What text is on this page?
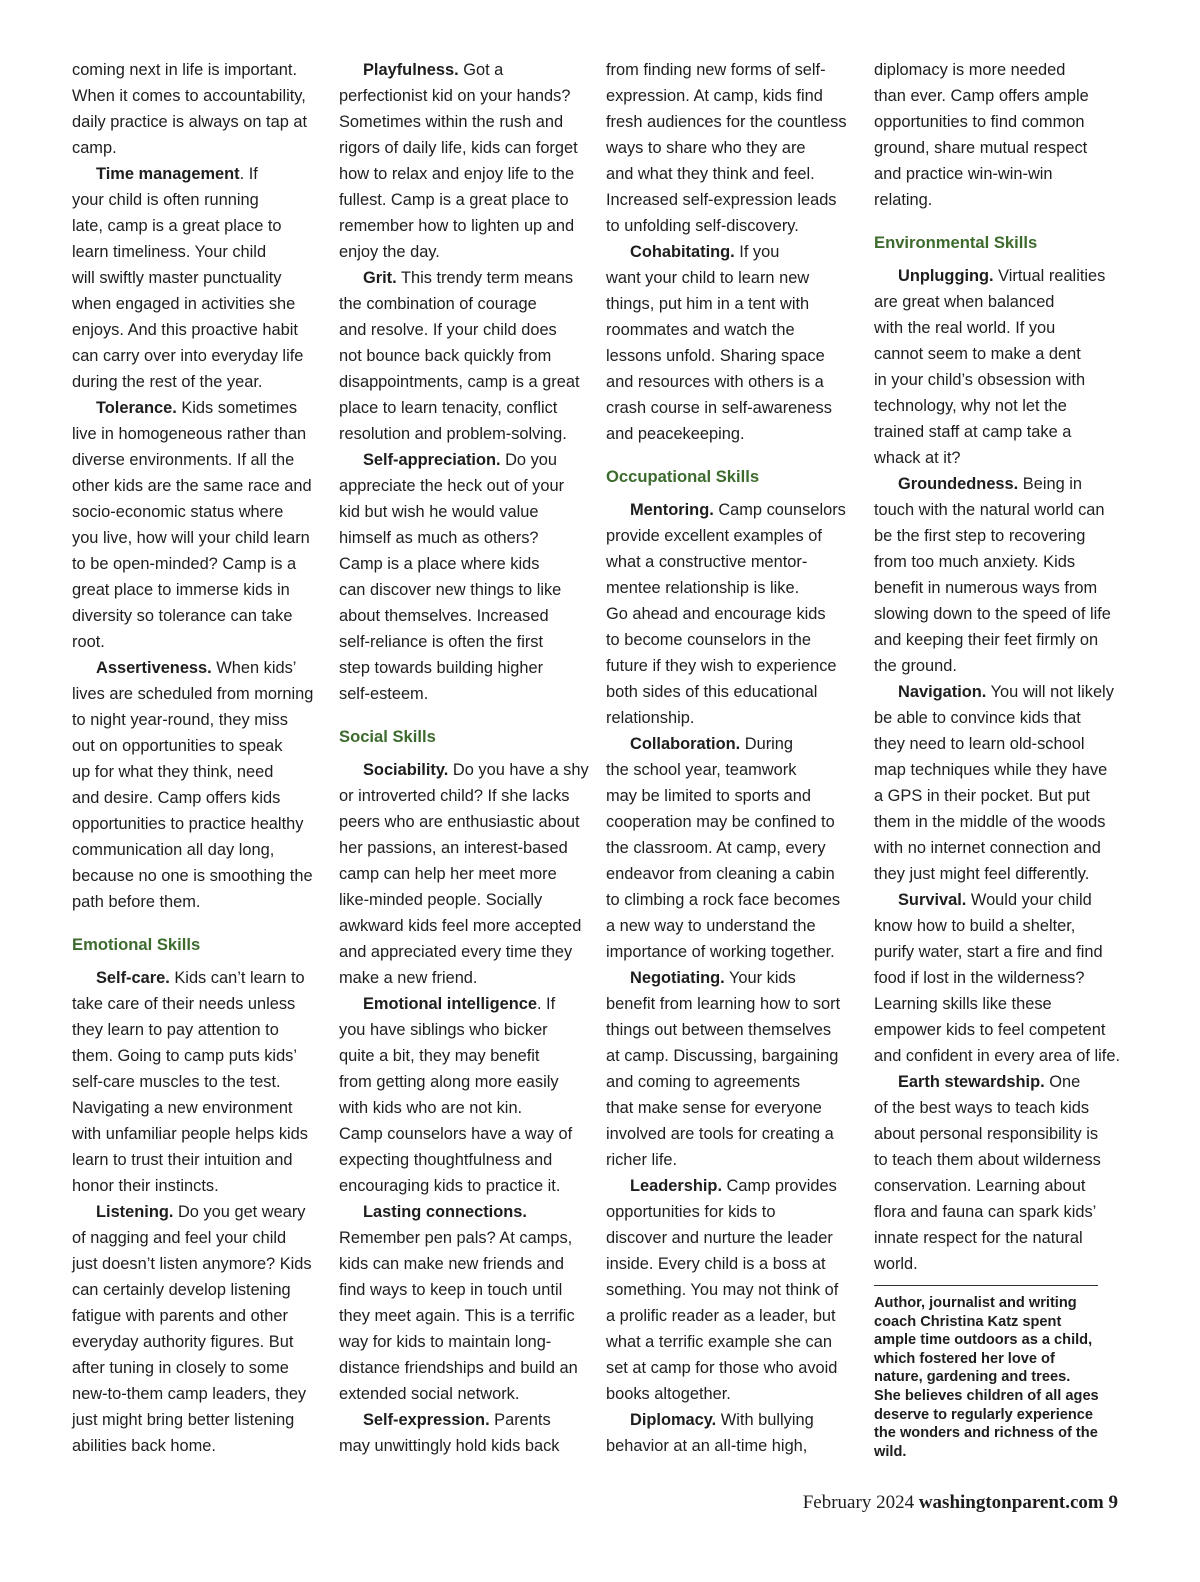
coming next in life is important.
When it comes to accountability,
daily practice is always on tap at
camp.

Time management. If
your child is often running
late, camp is a great place to
learn timeliness. Your child
will swiftly master punctuality
when engaged in activities she
enjoys. And this proactive habit
can carry over into everyday life
during the rest of the year.

Tolerance. Kids sometimes
live in homogeneous rather than
diverse environments. If all the
other kids are the same race and
socio-economic status where
you live, how will your child learn
to be open-minded? Camp is a
great place to immerse kids in
diversity so tolerance can take
root.

Assertiveness. When kids’
lives are scheduled from morning
to night year-round, they miss
out on opportunities to speak
up for what they think, need
and desire. Camp offers kids
opportunities to practice healthy
communication all day long,
because no one is smoothing the
path before them.

Emotional Skills

Self-care. Kids can’t learn to
take care of their needs unless
they learn to pay attention to
them. Going to camp puts kids’
self-care muscles to the test.
Navigating a new environment
with unfamiliar people helps kids
learn to trust their intuition and
honor their instincts.

Listening. Do you get weary
of nagging and feel your child
just doesn’t listen anymore? Kids
can certainly develop listening
fatigue with parents and other
everyday authority figures. But
after tuning in closely to some
new-to-them camp leaders, they
just might bring better listening
abilities back home.

Playfulness. Got a
perfectionist kid on your hands?
Sometimes within the rush and
rigors of daily life, kids can forget
how to relax and enjoy life to the
fullest. Camp is a great place to
remember how to lighten up and
enjoy the day.

Grit. This trendy term means
the combination of courage
and resolve. If your child does
not bounce back quickly from
disappointments, camp is a great
place to learn tenacity, conflict
resolution and problem-solving.

Self-appreciation. Do you
appreciate the heck out of your
kid but wish he would value
himself as much as others?
Camp is a place where kids
can discover new things to like
about themselves. Increased
self-reliance is often the first
step towards building higher
self-esteem.

Social Skills

Sociability. Do you have a shy
or introverted child? If she lacks
peers who are enthusiastic about
her passions, an interest-based
camp can help her meet more
like-minded people. Socially
awkward kids feel more accepted
and appreciated every time they
make a new friend.

Emotional intelligence. If
you have siblings who bicker
quite a bit, they may benefit
from getting along more easily
with kids who are not kin.
Camp counselors have a way of
expecting thoughtfulness and
encouraging kids to practice it.

Lasting connections.
Remember pen pals? At camps,
kids can make new friends and
find ways to keep in touch until
they meet again. This is a terrific
way for kids to maintain long-
distance friendships and build an
extended social network.

Self-expression. Parents
may unwittingly hold kids back

from finding new forms of self-
expression. At camp, kids find
fresh audiences for the countless
ways to share who they are
and what they think and feel.
Increased self-expression leads
to unfolding self-discovery.

Cohabitating. If you
want your child to learn new
things, put him in a tent with
roommates and watch the
lessons unfold. Sharing space
and resources with others is a
crash course in self-awareness
and peacekeeping.

Occupational Skills

Mentoring. Camp counselors
provide excellent examples of
what a constructive mentor-
mentee relationship is like.
Go ahead and encourage kids
to become counselors in the
future if they wish to experience
both sides of this educational
relationship.

Collaboration. During
the school year, teamwork
may be limited to sports and
cooperation may be confined to
the classroom. At camp, every
endeavor from cleaning a cabin
to climbing a rock face becomes
a new way to understand the
importance of working together.

Negotiating. Your kids
benefit from learning how to sort
things out between themselves
at camp. Discussing, bargaining
and coming to agreements
that make sense for everyone
involved are tools for creating a
richer life.

Leadership. Camp provides
opportunities for kids to
discover and nurture the leader
inside. Every child is a boss at
something. You may not think of
a prolific reader as a leader, but
what a terrific example she can
set at camp for those who avoid
books altogether.

Diplomacy. With bullying
behavior at an all-time high,

diplomacy is more needed
than ever. Camp offers ample
opportunities to find common
ground, share mutual respect
and practice win-win-win
relating.

Environmental Skills

Unplugging. Virtual realities
are great when balanced
with the real world. If you
cannot seem to make a dent
in your child’s obsession with
technology, why not let the
trained staff at camp take a
whack at it?

Groundedness. Being in
touch with the natural world can
be the first step to recovering
from too much anxiety. Kids
benefit in numerous ways from
slowing down to the speed of life
and keeping their feet firmly on
the ground.

Navigation. You will not likely
be able to convince kids that
they need to learn old-school
map techniques while they have
a GPS in their pocket. But put
them in the middle of the woods
with no internet connection and
they just might feel differently.

Survival. Would your child
know how to build a shelter,
purify water, start a fire and find
food if lost in the wilderness?
Learning skills like these
empower kids to feel competent
and confident in every area of life.

Earth stewardship. One
of the best ways to teach kids
about personal responsibility is
to teach them about wilderness
conservation. Learning about
flora and fauna can spark kids’
innate respect for the natural
world.

Author, journalist and writing
coach Christina Katz spent
ample time outdoors as a child,
which fostered her love of
nature, gardening and trees.
She believes children of all ages
deserve to regularly experience
the wonders and richness of the
wild.
February 2024 washingtonparent.com 9
